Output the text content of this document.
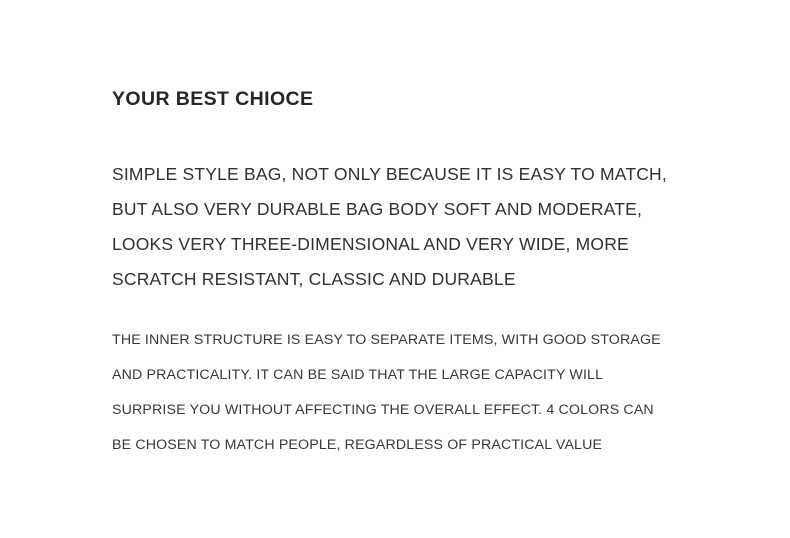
YOUR BEST CHIOCE

SIMPLE STYLE BAG, NOT ONLY BECAUSE IT IS EASY TO MATCH, BUT ALSO VERY DURABLE BAG BODY SOFT AND MODERATE, LOOKS VERY THREE-DIMENSIONAL AND VERY WIDE, MORE SCRATCH RESISTANT, CLASSIC AND DURABLE

THE INNER STRUCTURE IS EASY TO SEPARATE ITEMS, WITH GOOD STORAGE AND PRACTICALITY. IT CAN BE SAID THAT THE LARGE CAPACITY WILL SURPRISE YOU WITHOUT AFFECTING THE OVERALL EFFECT. 4 COLORS CAN BE CHOSEN TO MATCH PEOPLE, REGARDLESS OF PRACTICAL VALUE
